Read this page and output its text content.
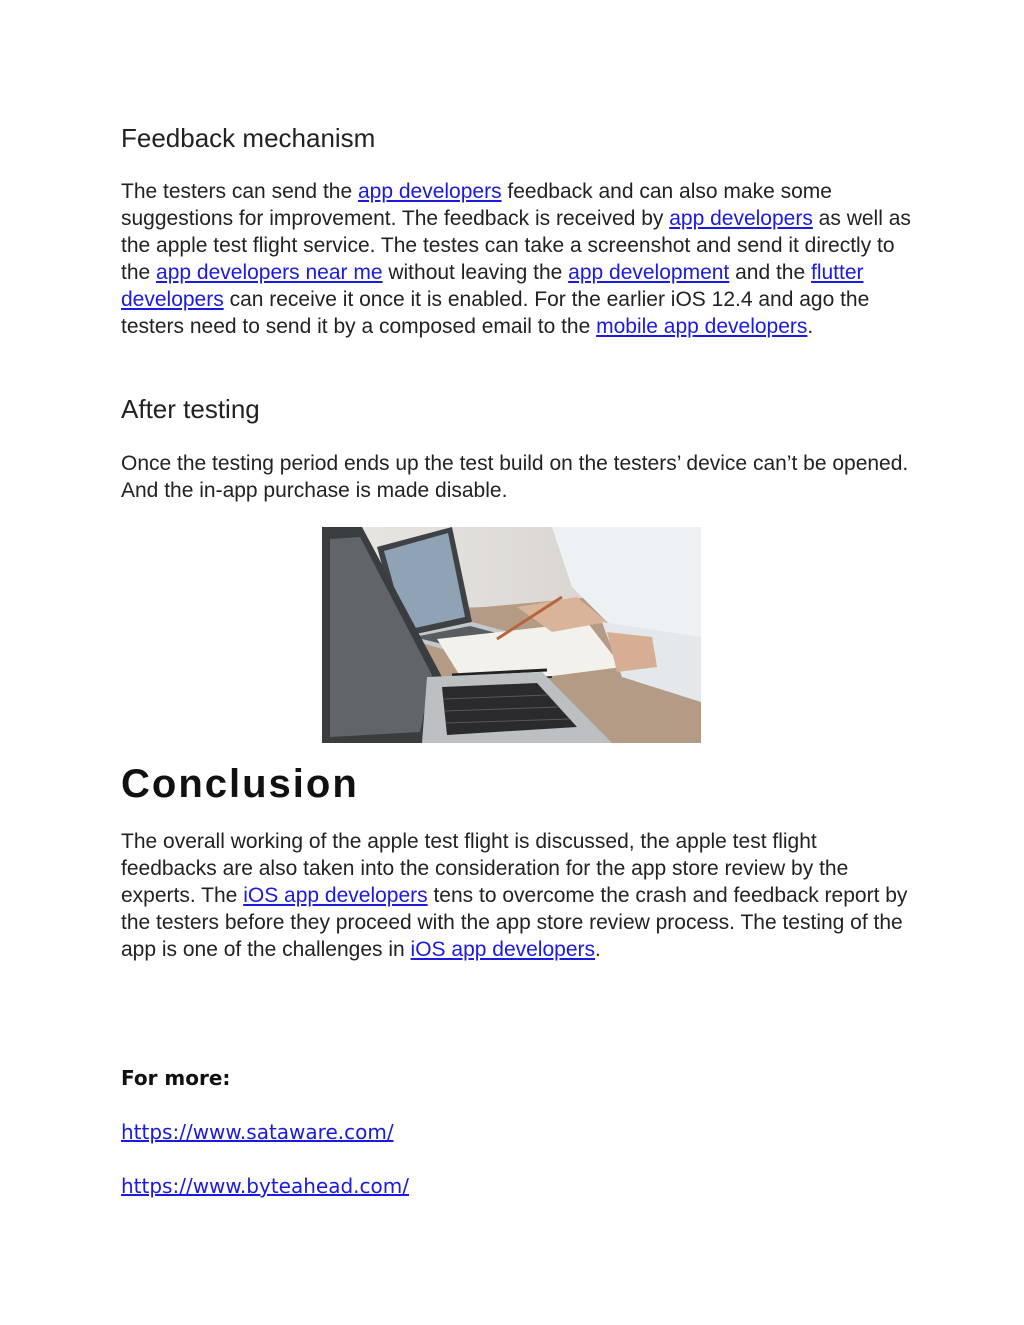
Feedback mechanism

The testers can send the app developers feedback and can also make some suggestions for improvement. The feedback is received by app developers as well as the apple test flight service. The testes can take a screenshot and send it directly to the app developers near me without leaving the app development and the flutter developers can receive it once it is enabled. For the earlier iOS 12.4 and ago the testers need to send it by a composed email to the mobile app developers.

After testing

Once the testing period ends up the test build on the testers’ device can’t be opened. And the in-app purchase is made disable.

Conclusion

The overall working of the apple test flight is discussed, the apple test flight feedbacks are also taken into the consideration for the app store review by the experts. The iOS app developers tens to overcome the crash and feedback report by the testers before they proceed with the app store review process. The testing of the app is one of the challenges in iOS app developers.

For more:

https://www.sataware.com/
https://www.byteahead.com/
